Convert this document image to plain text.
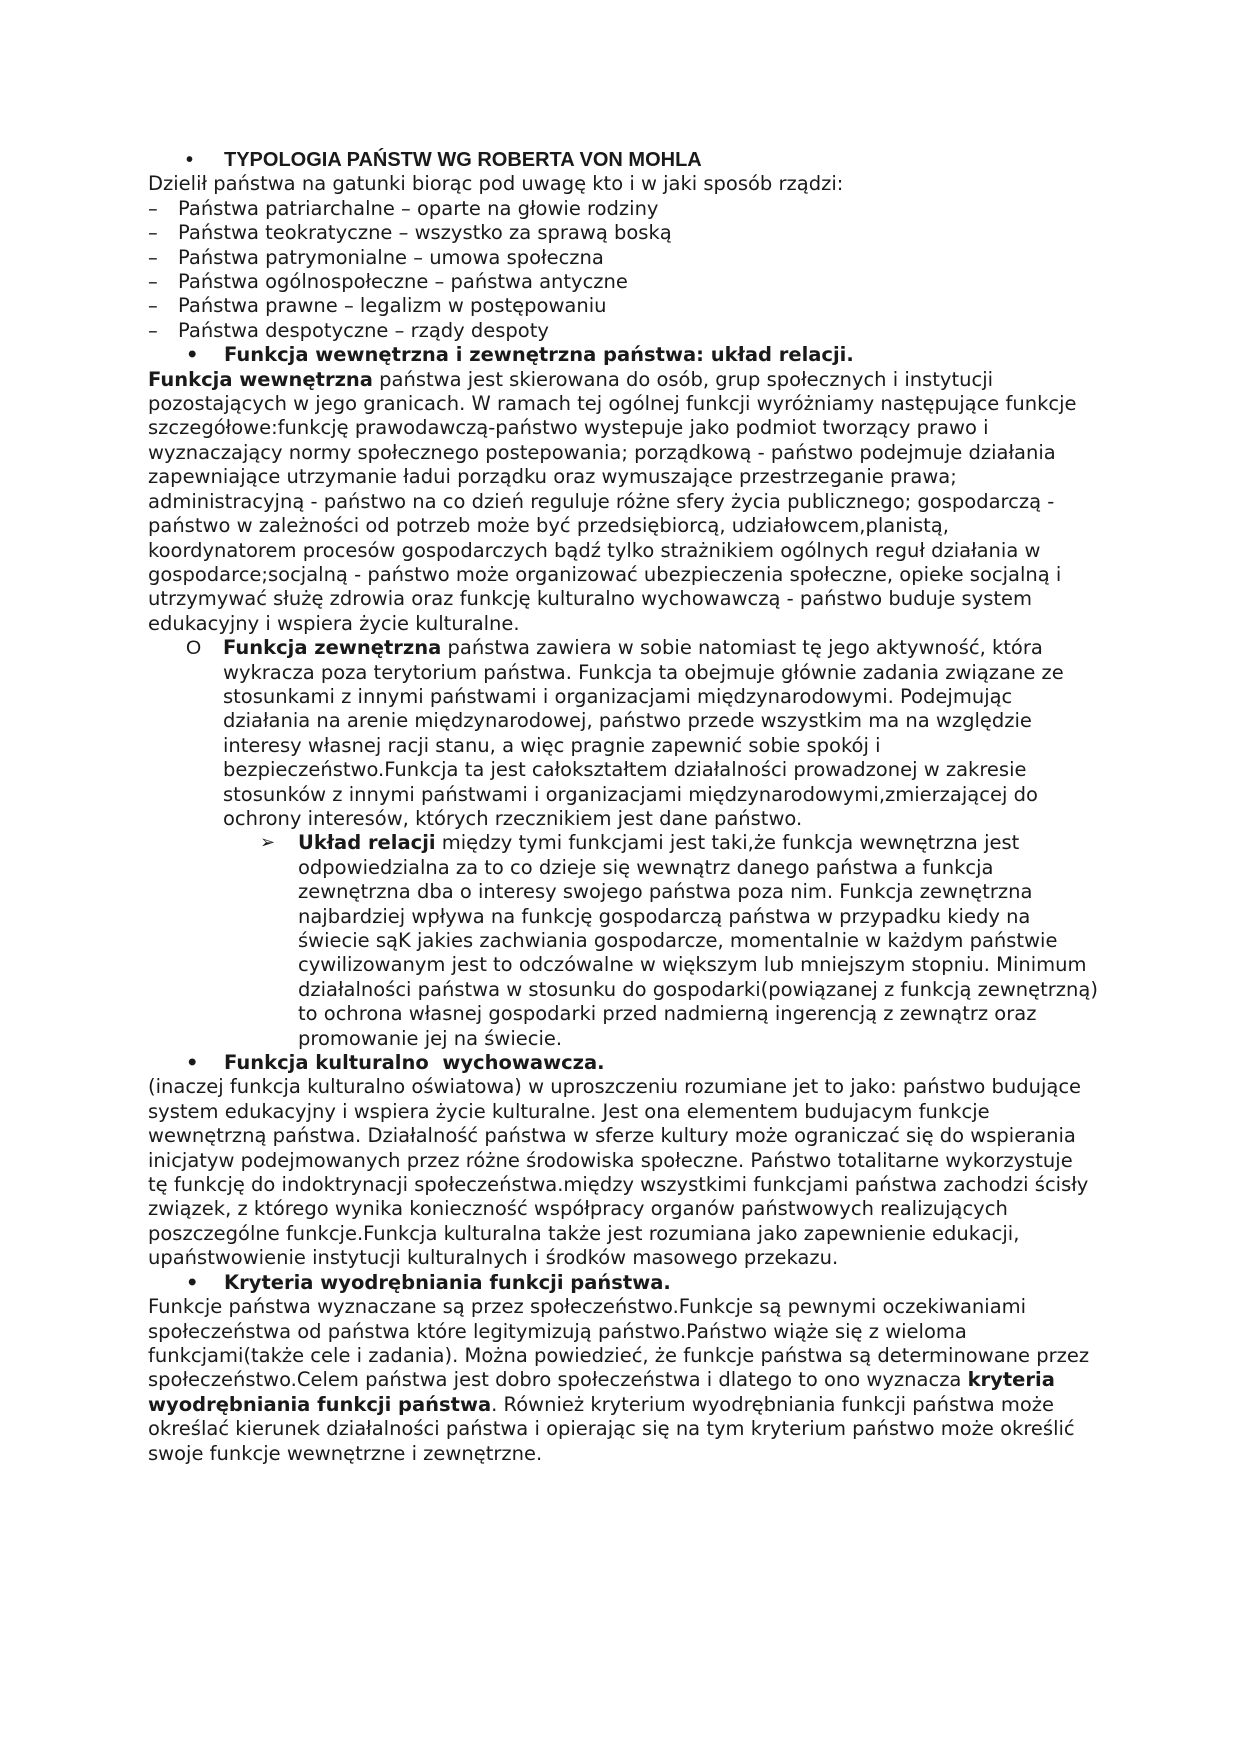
• TYPOLOGIA PAŃSTW WG ROBERTA VON MOHLA
Dzielił państwa na gatunki biorąc pod uwagę kto i w jaki sposób rządzi:
– Państwa patriarchalne – oparte na głowie rodziny
– Państwa teokratyczne – wszystko za sprawą boską
– Państwa patrymonialne – umowa społeczna
– Państwa ogólnospołeczne – państwa antyczne
– Państwa prawne – legalizm w postępowaniu
– Państwa despotyczne – rządy despoty
• Funkcja wewnętrzna i zewnętrzna państwa: układ relacji.
Funkcja wewnętrzna państwa jest skierowana do osób, grup społecznych i instytucji pozostających w jego granicach. W ramach tej ogólnej funkcji wyróżniamy następujące funkcje szczegółowe:funkcję prawodawczą-państwo wystepuje jako podmiot tworzący prawo i wyznaczający normy społecznego postepowania; porządkową - państwo podejmuje działania
zapewniające utrzymanie ładui porządku oraz wymuszające przestrzeganie prawa; administracyjną - państwo na co dzień reguluje różne sfery życia publicznego; gospodarczą - państwo w zależności od potrzeb może być przedsiębiorcą, udziałowcem,planistą, koordynatorem procesów gospodarczych bądź tylko strażnikiem ogólnych reguł działania w gospodarce;socjalną - państwo może organizować ubezpieczenia społeczne, opieke socjalną i utrzymywać służę zdrowia oraz funkcję kulturalno wychowawczą - państwo buduje system edukacyjny i wspiera życie kulturalne.
O Funkcja zewnętrzna państwa zawiera w sobie natomiast tę jego aktywność, która wykracza poza terytorium państwa. Funkcja ta obejmuje głównie zadania związane ze stosunkami z innymi państwami i organizacjami międzynarodowymi. Podejmując działania na arenie międzynarodowej, państwo przede wszystkim ma na względzie interesy własnej racji stanu, a więc pragnie zapewnić sobie spokój i bezpieczeństwo.Funkcja ta jest całokształtem działalności prowadzonej w zakresie stosunków z innymi państwami i organizacjami międzynarodowymi,zmierzającej do ochrony interesów, których rzecznikiem jest dane państwo.
➢ Układ relacji między tymi funkcjami jest taki,że funkcja wewnętrzna jest odpowiedzialna za to co dzieje się wewnątrz danego państwa a funkcja zewnętrzna dba o interesy swojego państwa poza nim. Funkcja zewnętrzna najbardziej wpływa na funkcję gospodarczą państwa w przypadku kiedy na świecie sąK jakies zachwiania gospodarcze, momentalnie w każdym państwie cywilizowanym jest to odczówalne w większym lub mniejszym stopniu. Minimum działalności państwa w stosunku do gospodarki(powiązanej z funkcją zewnętrzną) to ochrona własnej gospodarki przed nadmierną ingerencją z zewnątrz oraz promowanie jej na świecie.
• Funkcja kulturalno  wychowawcza.
(inaczej funkcja kulturalno oświatowa) w uproszczeniu rozumiane jet to jako: państwo budujące system edukacyjny i wspiera życie kulturalne. Jest ona elementem budujacym funkcje wewnętrzną państwa. Działalność państwa w sferze kultury może ograniczać się do wspierania inicjatyw podejmowanych przez różne środowiska społeczne. Państwo totalitarne wykorzystuje tę funkcję do indoktrynacji społeczeństwa.między wszystkimi funkcjami państwa zachodzi ścisły związek, z którego wynika konieczność współpracy organów państwowych realizujących poszczególne funkcje.Funkcja kulturalna także jest rozumiana jako zapewnienie edukacji, upaństwowienie instytucji kulturalnych i środków masowego przekazu.
• Kryteria wyodrębniania funkcji państwa.
Funkcje państwa wyznaczane są przez społeczeństwo.Funkcje są pewnymi oczekiwaniami społeczeństwa od państwa które legitymizują państwo.Państwo wiąże się z wieloma funkcjami(także cele i zadania). Można powiedzieć, że funkcje państwa są determinowane przez społeczeństwo.Celem państwa jest dobro społeczeństwa i dlatego to ono wyznacza kryteria wyodrębniania funkcji państwa. Również kryterium wyodrębniania funkcji państwa może określać kierunek działalności państwa i opierając się na tym kryterium państwo może określić swoje funkcje wewnętrzne i zewnętrzne.
